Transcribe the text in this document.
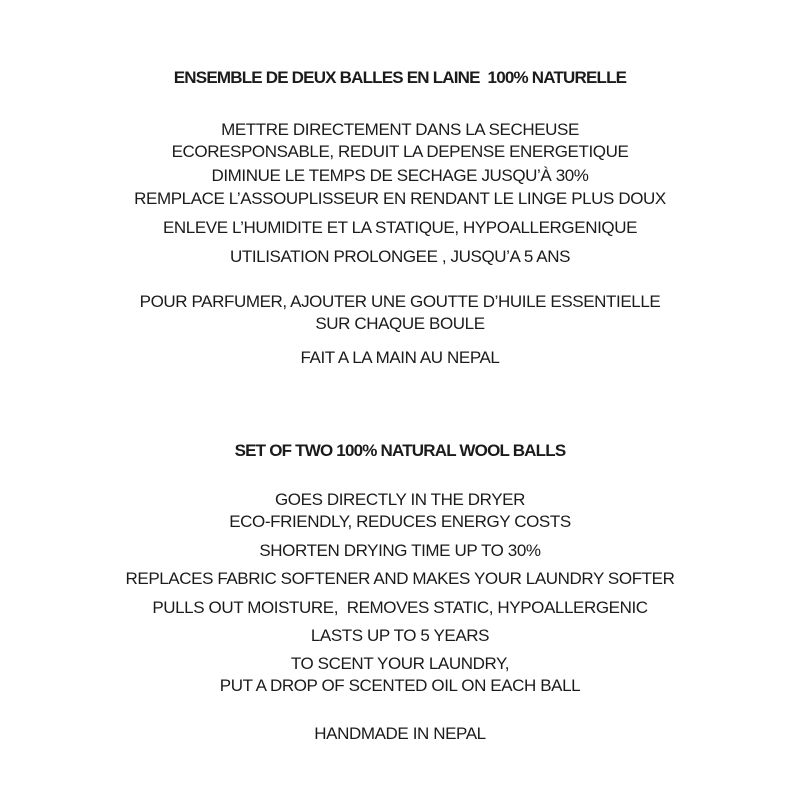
ENSEMBLE DE DEUX BALLES EN LAINE  100% NATURELLE
METTRE DIRECTEMENT DANS LA SECHEUSE
ECORESPONSABLE, REDUIT LA DEPENSE ENERGETIQUE
DIMINUE LE TEMPS DE SECHAGE JUSQU’À 30%
REMPLACE L’ASSOUPLISSEUR EN RENDANT LE LINGE PLUS DOUX
ENLEVE L’HUMIDITE ET LA STATIQUE, HYPOALLERGENIQUE
UTILISATION PROLONGEE , JUSQU’A 5 ANS
POUR PARFUMER, AJOUTER UNE GOUTTE D’HUILE ESSENTIELLE
SUR CHAQUE BOULE
FAIT A LA MAIN AU NEPAL
SET OF TWO 100% NATURAL WOOL BALLS
GOES DIRECTLY IN THE DRYER
ECO-FRIENDLY, REDUCES ENERGY COSTS
SHORTEN DRYING TIME UP TO 30%
REPLACES FABRIC SOFTENER AND MAKES YOUR LAUNDRY SOFTER
PULLS OUT MOISTURE,  REMOVES STATIC, HYPOALLERGENIC
LASTS UP TO 5 YEARS
TO SCENT YOUR LAUNDRY,
PUT A DROP OF SCENTED OIL ON EACH BALL
HANDMADE IN NEPAL
